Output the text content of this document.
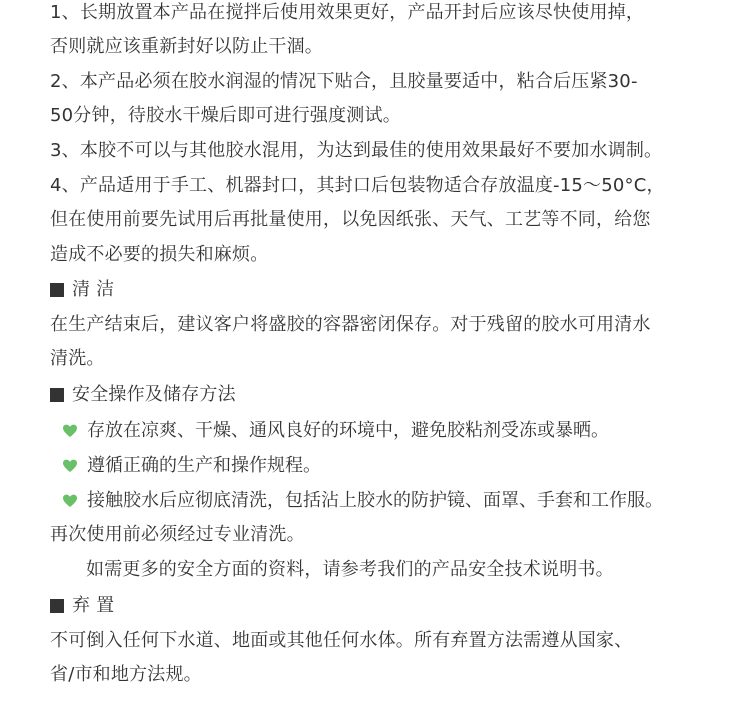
1、长期放置本产品在搅拌后使用效果更好，产品开封后应该尽快使用掉，
否则就应该重新封好以防止干涸。
2、本产品必须在胶水润湿的情况下贴合，且胶量要适中，粘合后压紧30-
50分钟，待胶水干燥后即可进行强度测试。
3、本胶不可以与其他胶水混用，为达到最佳的使用效果最好不要加水调制。
4、产品适用于手工、机器封口，其封口后包装物适合存放温度-15～50°C，
但在使用前要先试用后再批量使用，以免因纸张、天气、工艺等不同，给您
造成不必要的损失和麻烦。
清 洁
在生产结束后，建议客户将盛胶的容器密闭保存。对于残留的胶水可用清水
清洗。
安全操作及储存方法
存放在凉爽、干燥、通风良好的环境中，避免胶粘剂受冻或暴晒。
遵循正确的生产和操作规程。
接触胶水后应彻底清洗，包括沾上胶水的防护镜、面罩、手套和工作服。
再次使用前必须经过专业清洗。
如需更多的安全方面的资料，请参考我们的产品安全技术说明书。
弃 置
不可倒入任何下水道、地面或其他任何水体。所有弃置方法需遵从国家、
省/市和地方法规。
